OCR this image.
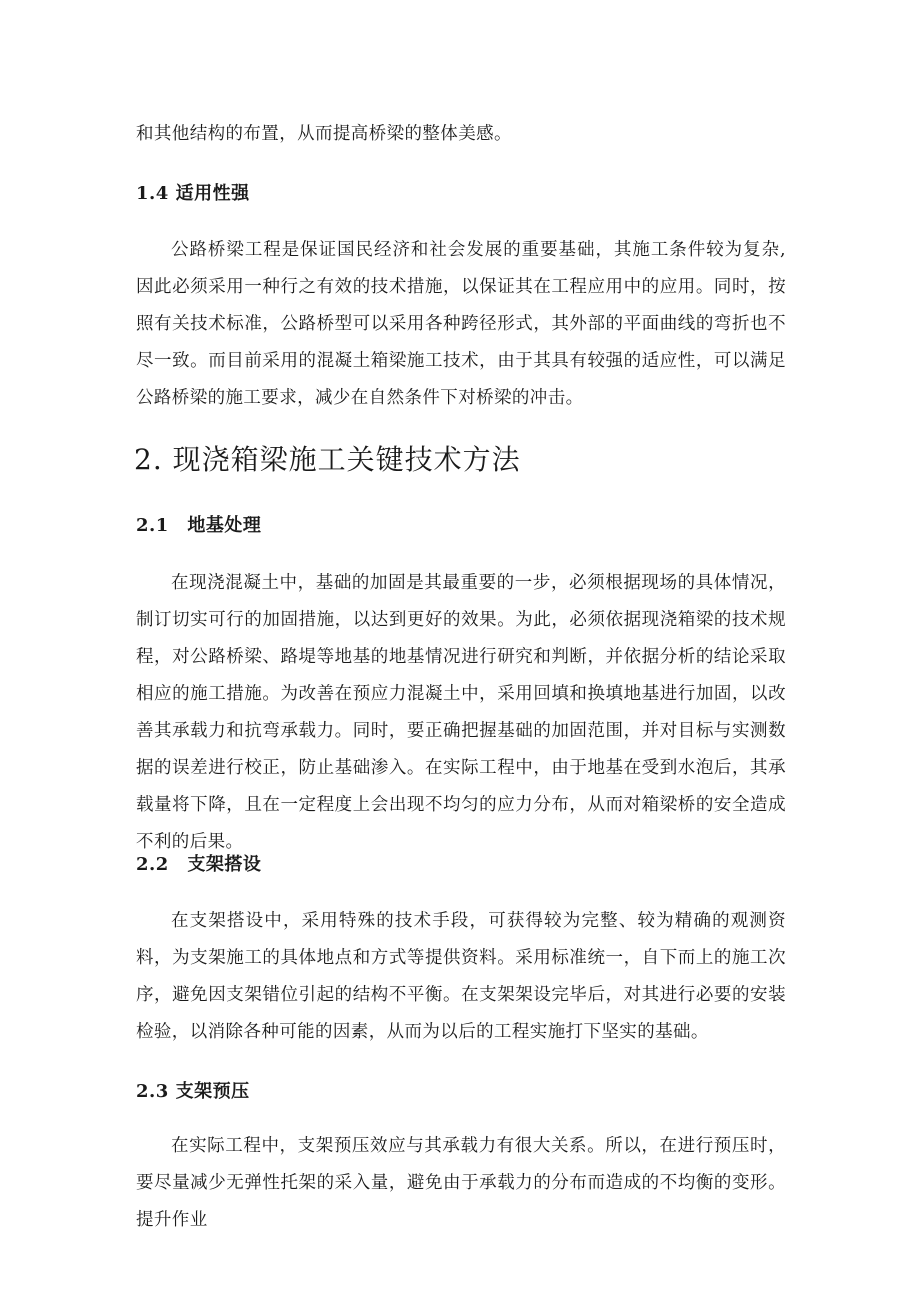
和其他结构的布置，从而提高桥梁的整体美感。

1.4 适用性强

公路桥梁工程是保证国民经济和社会发展的重要基础，其施工条件较为复杂, 因此必须采用一种行之有效的技术措施，以保证其在工程应用中的应用。同时，按照有关技术标准，公路桥型可以采用各种跨径形式，其外部的平面曲线的弯折也不尽一致。而目前采用的混凝土箱梁施工技术，由于其具有较强的适应性，可以满足公路桥梁的施工要求，减少在自然条件下对桥梁的冲击。

2. 现浇箱梁施工关键技术方法
2.1　地基处理

在现浇混凝土中，基础的加固是其最重要的一步，必须根据现场的具体情况，制订切实可行的加固措施，以达到更好的效果。为此，必须依据现浇箱梁的技术规程，对公路桥梁、路堤等地基的地基情况进行研究和判断，并依据分析的结论采取相应的施工措施。为改善在预应力混凝土中，采用回填和换填地基进行加固，以改善其承载力和抗弯承载力。同时，要正确把握基础的加固范围，并对目标与实测数据的误差进行校正，防止基础渗入。在实际工程中，由于地基在受到水泡后，其承载量将下降，且在一定程度上会出现不均匀的应力分布，从而对箱梁桥的安全造成不利的后果。

2.2　支架搭设

在支架搭设中，采用特殊的技术手段，可获得较为完整、较为精确的观测资料，为支架施工的具体地点和方式等提供资料。采用标准统一，自下而上的施工次序，避免因支架错位引起的结构不平衡。在支架架设完毕后，对其进行必要的安装检验，以消除各种可能的因素，从而为以后的工程实施打下坚实的基础。

2.3 支架预压

在实际工程中，支架预压效应与其承载力有很大关系。所以，在进行预压时，要尽量减少无弹性托架的采入量，避免由于承载力的分布而造成的不均衡的变形。提升作业
